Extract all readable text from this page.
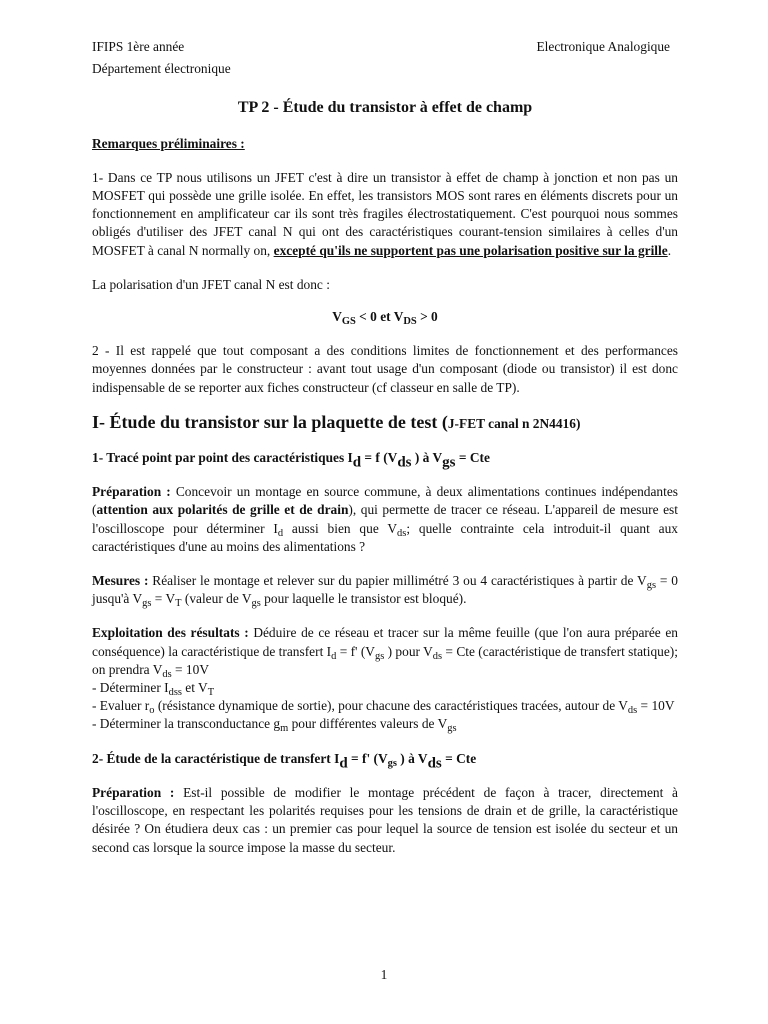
IFIPS 1ère année	Electronique Analogique
Département électronique
TP 2 - Étude du transistor à effet de champ
Remarques préliminaires :

1- Dans ce TP nous utilisons un JFET c'est à dire un transistor à effet de champ à jonction et non pas un MOSFET qui possède une grille isolée. En effet, les transistors MOS sont rares en éléments discrets pour un fonctionnement en amplificateur car ils sont très fragiles électrostatiquement. C'est pourquoi nous sommes obligés d'utiliser des JFET canal N qui ont des caractéristiques courant-tension similaires à celles d'un MOSFET à canal N normally on, excepté qu'ils ne supportent pas une polarisation positive sur la grille.

La polarisation d'un JFET canal N est donc :

$V_{GS} < 0$ et $V_{DS} > 0$

2 - Il est rappelé que tout composant a des conditions limites de fonctionnement et des performances moyennes données par le constructeur : avant tout usage d'un composant (diode ou transistor) il est donc indispensable de se reporter aux fiches constructeur (cf classeur en salle de TP).

I- Étude du transistor sur la plaquette de test (J-FET canal n 2N4416)
1- Tracé point par point des caractéristiques $I_d = f$ ($V_{ds}$ ) à $V_{gs}$ = Cte

Préparation : Concevoir un montage en source commune, à deux alimentations continues indépendantes (attention aux polarités de grille et de drain), qui permette de tracer ce réseau. L'appareil de mesure est l'oscilloscope pour déterminer $I_d$ aussi bien que $V_{ds}$; quelle contrainte cela introduit-il quant aux caractéristiques d'une au moins des alimentations ?

Mesures : Réaliser le montage et relever sur du papier millimétré 3 ou 4 caractéristiques à partir de $V_{gs} = 0$ jusqu'à $V_{gs} = V_T$ (valeur de $V_{gs}$ pour laquelle le transistor est bloqué).

Exploitation des résultats : Déduire de ce réseau et tracer sur la même feuille (que l'on aura préparée en conséquence) la caractéristique de transfert $I_d = f'$ ($V_{gs}$ ) pour $V_{ds}$ = Cte (caractéristique de transfert statique); on prendra $V_{ds} = 10V$

- Déterminer $I_{dss}$ et $V_T$

- Evaluer $r_o$ (résistance dynamique de sortie), pour chacune des caractéristiques tracées, autour de $V_{ds} = 10V$

- Déterminer la transconductance $g_m$ pour différentes valeurs de $V_{gs}$

2- Étude de la caractéristique de transfert $I_d = f'$ ($V_{gs}$ ) à $V_{ds}$ = Cte

Préparation : Est-il possible de modifier le montage précédent de façon à tracer, directement à l'oscilloscope, en respectant les polarités requises pour les tensions de drain et de grille, la caractéristique désirée ? On étudiera deux cas : un premier cas pour lequel la source de tension est isolée du secteur et un second cas lorsque la source impose la masse du secteur.

1
